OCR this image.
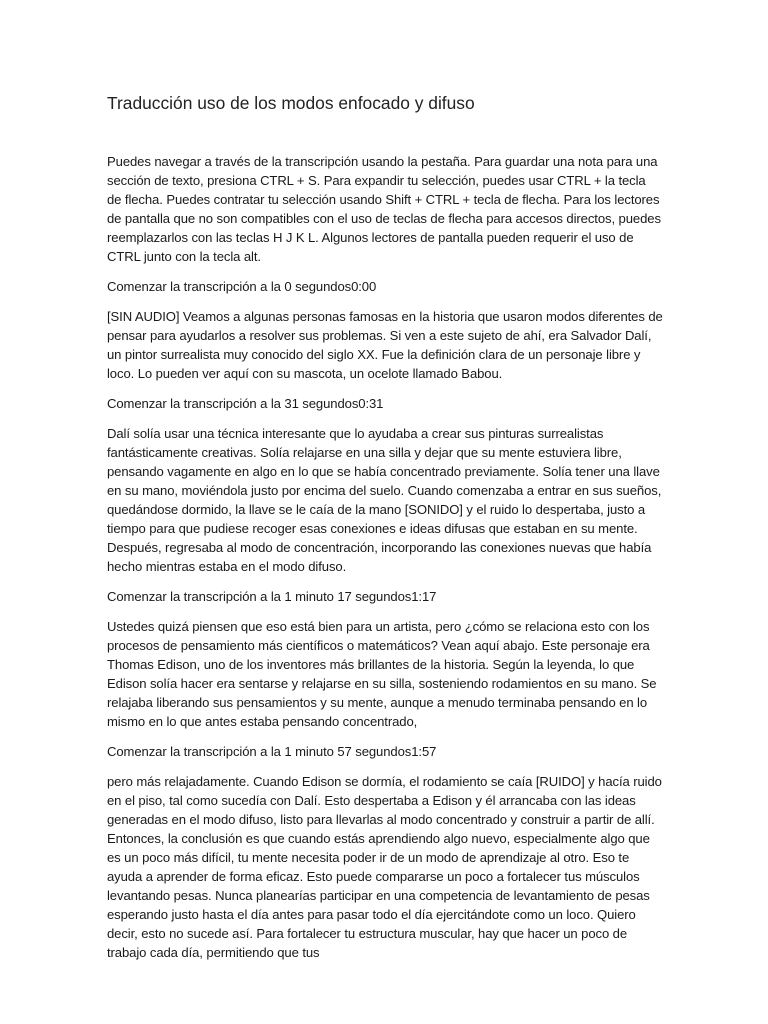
Traducción uso de los modos enfocado y difuso

Puedes navegar a través de la transcripción usando la pestaña. Para guardar una nota para una sección de texto, presiona CTRL + S. Para expandir tu selección, puedes usar CTRL + la tecla de flecha. Puedes contratar tu selección usando Shift + CTRL + tecla de flecha. Para los lectores de pantalla que no son compatibles con el uso de teclas de flecha para accesos directos, puedes reemplazarlos con las teclas H J K L. Algunos lectores de pantalla pueden requerir el uso de CTRL junto con la tecla alt.

Comenzar la transcripción a la 0 segundos0:00

[SIN AUDIO] Veamos a algunas personas famosas en la historia que usaron modos diferentes de pensar para ayudarlos a resolver sus problemas. Si ven a este sujeto de ahí, era Salvador Dalí, un pintor surrealista muy conocido del siglo XX. Fue la definición clara de un personaje libre y loco. Lo pueden ver aquí con su mascota, un ocelote llamado Babou.

Comenzar la transcripción a la 31 segundos0:31

Dalí solía usar una técnica interesante que lo ayudaba a crear sus pinturas surrealistas fantásticamente creativas. Solía relajarse en una silla y dejar que su mente estuviera libre, pensando vagamente en algo en lo que se había concentrado previamente. Solía tener una llave en su mano, moviéndola justo por encima del suelo. Cuando comenzaba a entrar en sus sueños, quedándose dormido, la llave se le caía de la mano [SONIDO] y el ruido lo despertaba, justo a tiempo para que pudiese recoger esas conexiones e ideas difusas que estaban en su mente. Después, regresaba al modo de concentración, incorporando las conexiones nuevas que había hecho mientras estaba en el modo difuso.

Comenzar la transcripción a la 1 minuto 17 segundos1:17

Ustedes quizá piensen que eso está bien para un artista, pero ¿cómo se relaciona esto con los procesos de pensamiento más científicos o matemáticos? Vean aquí abajo. Este personaje era Thomas Edison, uno de los inventores más brillantes de la historia. Según la leyenda, lo que Edison solía hacer era sentarse y relajarse en su silla, sosteniendo rodamientos en su mano. Se relajaba liberando sus pensamientos y su mente, aunque a menudo terminaba pensando en lo mismo en lo que antes estaba pensando concentrado,

Comenzar la transcripción a la 1 minuto 57 segundos1:57

pero más relajadamente. Cuando Edison se dormía, el rodamiento se caía [RUIDO] y hacía ruido en el piso, tal como sucedía con Dalí. Esto despertaba a Edison y él arrancaba con las ideas generadas en el modo difuso, listo para llevarlas al modo concentrado y construir a partir de allí. Entonces, la conclusión es que cuando estás aprendiendo algo nuevo, especialmente algo que es un poco más difícil, tu mente necesita poder ir de un modo de aprendizaje al otro. Eso te ayuda a aprender de forma eficaz. Esto puede compararse un poco a fortalecer tus músculos levantando pesas. Nunca planearías participar en una competencia de levantamiento de pesas esperando justo hasta el día antes para pasar todo el día ejercitándote como un loco. Quiero decir, esto no sucede así. Para fortalecer tu estructura muscular, hay que hacer un poco de trabajo cada día, permitiendo que tus
